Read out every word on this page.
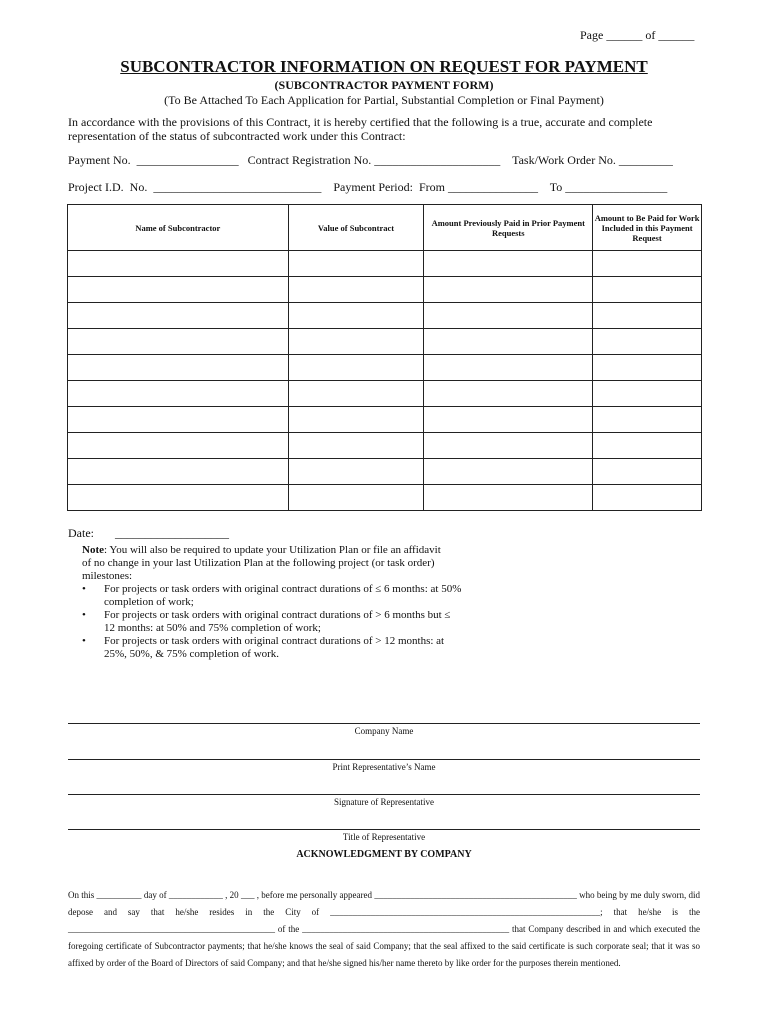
Page ______ of ______
SUBCONTRACTOR INFORMATION ON REQUEST FOR PAYMENT
(SUBCONTRACTOR PAYMENT FORM)
(To Be Attached To Each Application for Partial, Substantial Completion or Final Payment)
In accordance with the provisions of this Contract, it is hereby certified that the following is a true, accurate and complete representation of the status of subcontracted work under this Contract:
Payment No.  _________________   Contract Registration No. _____________________    Task/Work Order No. _________
Project I.D.  No.  ____________________________    Payment Period:  From _______________    To _________________
Name of Subcontractor	Value of Subcontract	Amount Previously Paid in Prior Payment Requests	Amount to Be Paid for Work Included in this Payment Request

Date:       ___________________
Note: You will also be required to update your Utilization Plan or file an affidavit of no change in your last Utilization Plan at the following project (or task order) milestones:
• For projects or task orders with original contract durations of ≤ 6 months: at 50% completion of work;
• For projects or task orders with original contract durations of > 6 months but ≤ 12 months: at 50% and 75% completion of work;
• For projects or task orders with original contract durations of > 12 months: at 25%, 50%, & 75% completion of work.
Company Name
Print Representative’s Name
Signature of Representative
Title of Representative
ACKNOWLEDGMENT BY COMPANY
On this __________ day of ____________ , 20 ___ , before me personally appeared _____________________________________________ who being by me duly sworn, did depose and say that he/she resides in the City of ____________________________________________________________; that he/she is the ______________________________________________ of the ______________________________________________ that Company described in and which executed the foregoing certificate of Subcontractor payments; that he/she knows the seal of said Company; that the seal affixed to the said certificate is such corporate seal; that it was so affixed by order of the Board of Directors of said Company; and that he/she signed his/her name thereto by like order for the purposes therein mentioned.
